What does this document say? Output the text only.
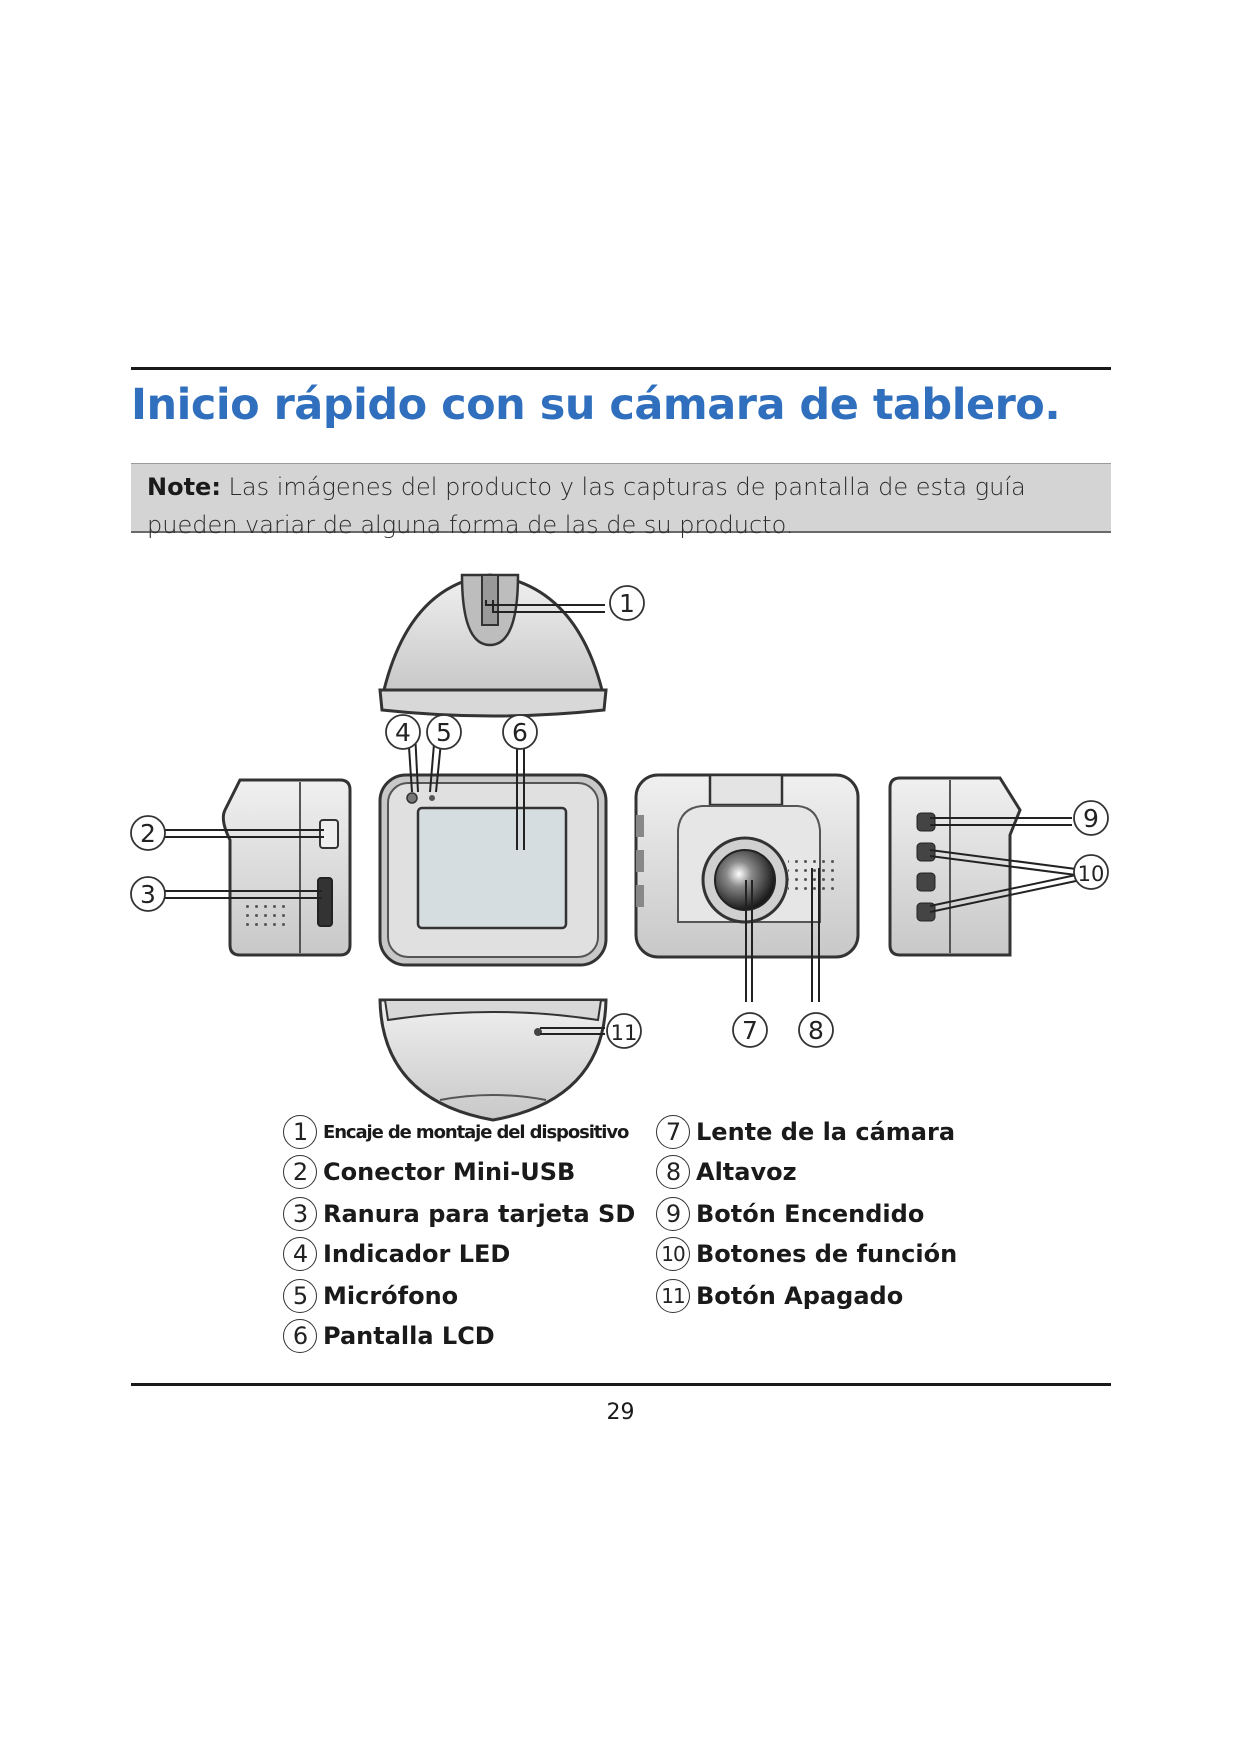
Inicio rápido con su cámara de tablero.
Note: Las imágenes del producto y las capturas de pantalla de esta guía pueden variar de alguna forma de las de su producto.
1
2
3
4 5 6
7 8
9
10
11
1 Encaje de montaje del dispositivo
2 Conector Mini-USB
3 Ranura para tarjeta SD
4 Indicador LED
5 Micrófono
6 Pantalla LCD
7 Lente de la cámara
8 Altavoz
9 Botón Encendido
10 Botones de función
11 Botón Apagado
29
